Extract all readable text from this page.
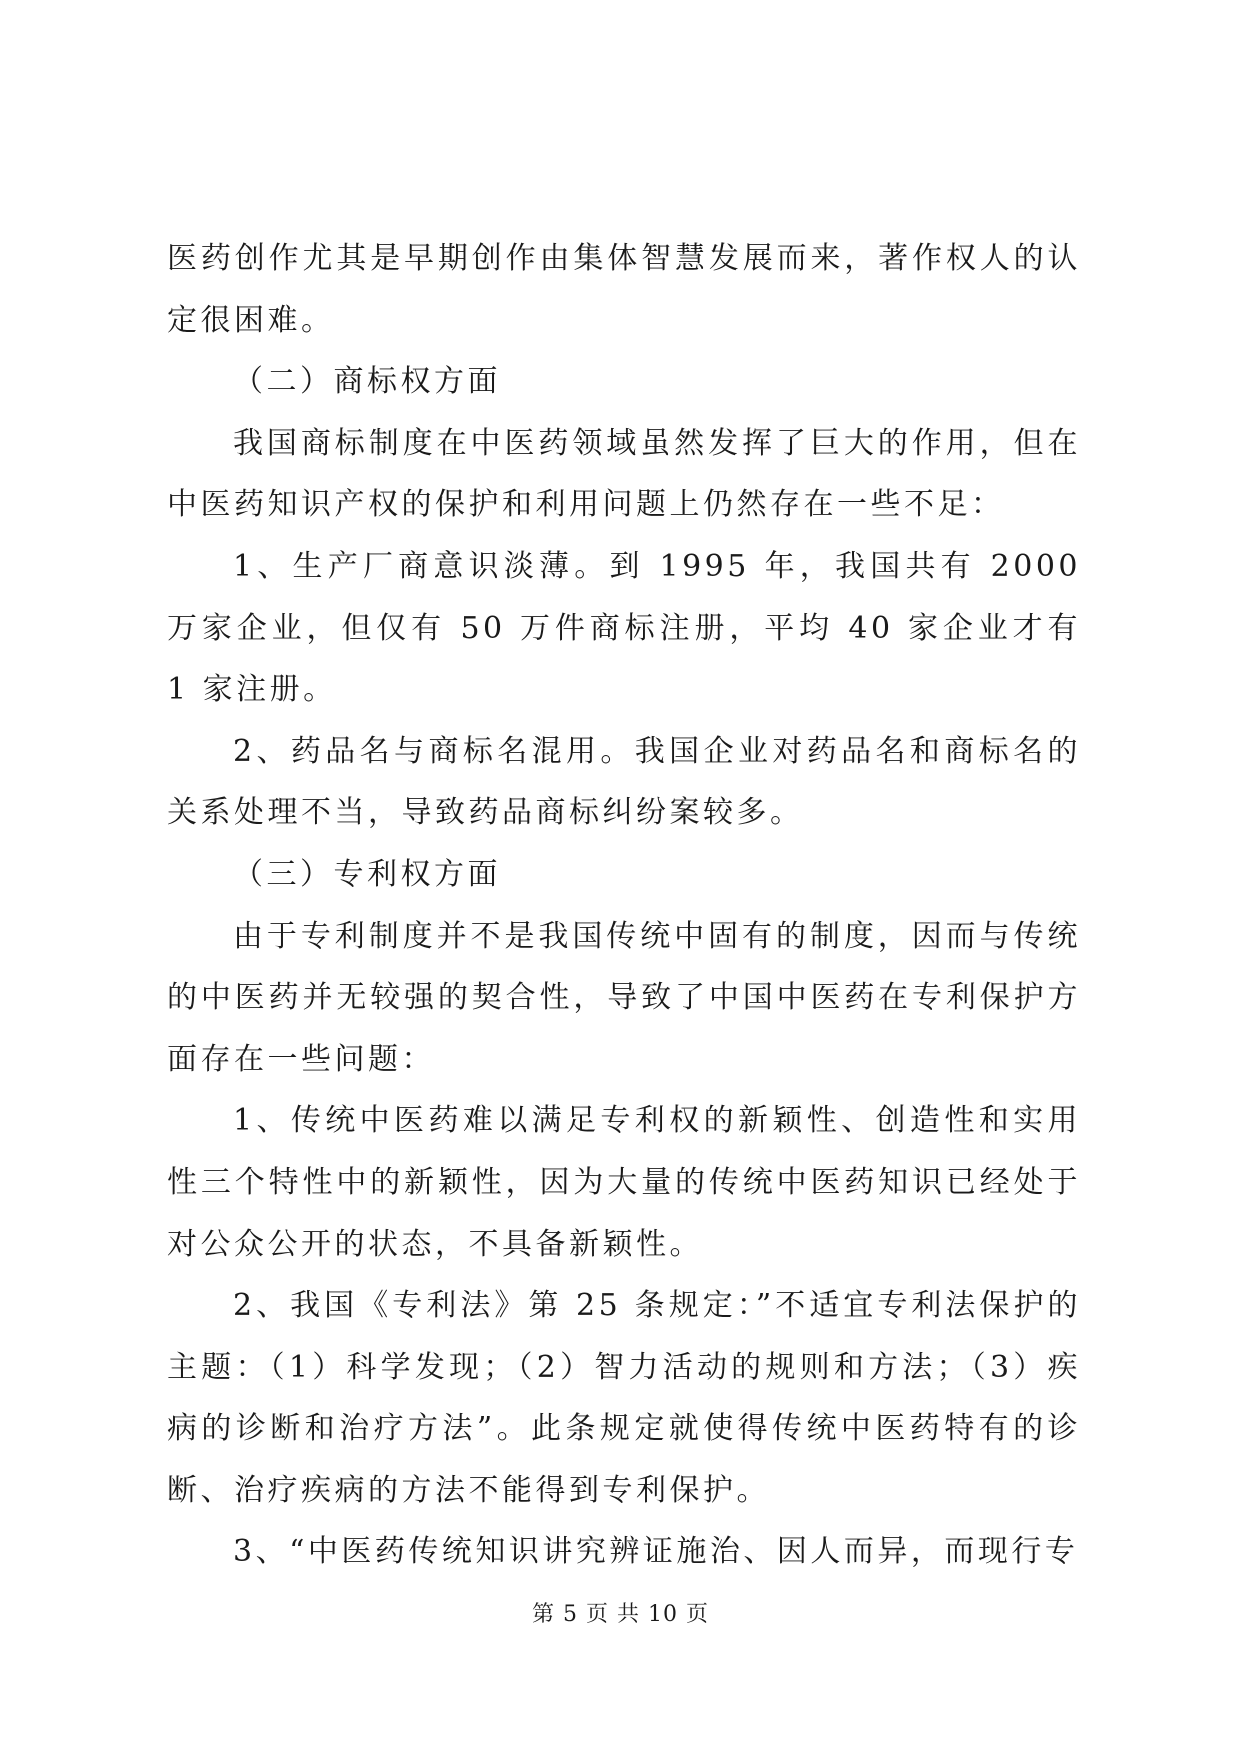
医药创作尤其是早期创作由集体智慧发展而来，著作权人的认定很困难。

（二）商标权方面

我国商标制度在中医药领域虽然发挥了巨大的作用，但在中医药知识产权的保护和利用问题上仍然存在一些不足：

1、生产厂商意识淡薄。到 1995 年，我国共有 2000 万家企业，但仅有 50 万件商标注册，平均 40 家企业才有 1 家注册。

2、药品名与商标名混用。我国企业对药品名和商标名的关系处理不当，导致药品商标纠纷案较多。

（三）专利权方面

由于专利制度并不是我国传统中固有的制度，因而与传统的中医药并无较强的契合性，导致了中国中医药在专利保护方面存在一些问题：

1、传统中医药难以满足专利权的新颖性、创造性和实用性三个特性中的新颖性，因为大量的传统中医药知识已经处于对公众公开的状态，不具备新颖性。

2、我国《专利法》第 25 条规定：”不适宜专利法保护的主题：（1）科学发现；（2）智力活动的规则和方法；（3）疾病的诊断和治疗方法”。此条规定就使得传统中医药特有的诊断、治疗疾病的方法不能得到专利保护。

3、“中医药传统知识讲究辨证施治、因人而异，而现行专

第 5 页 共 10 页
